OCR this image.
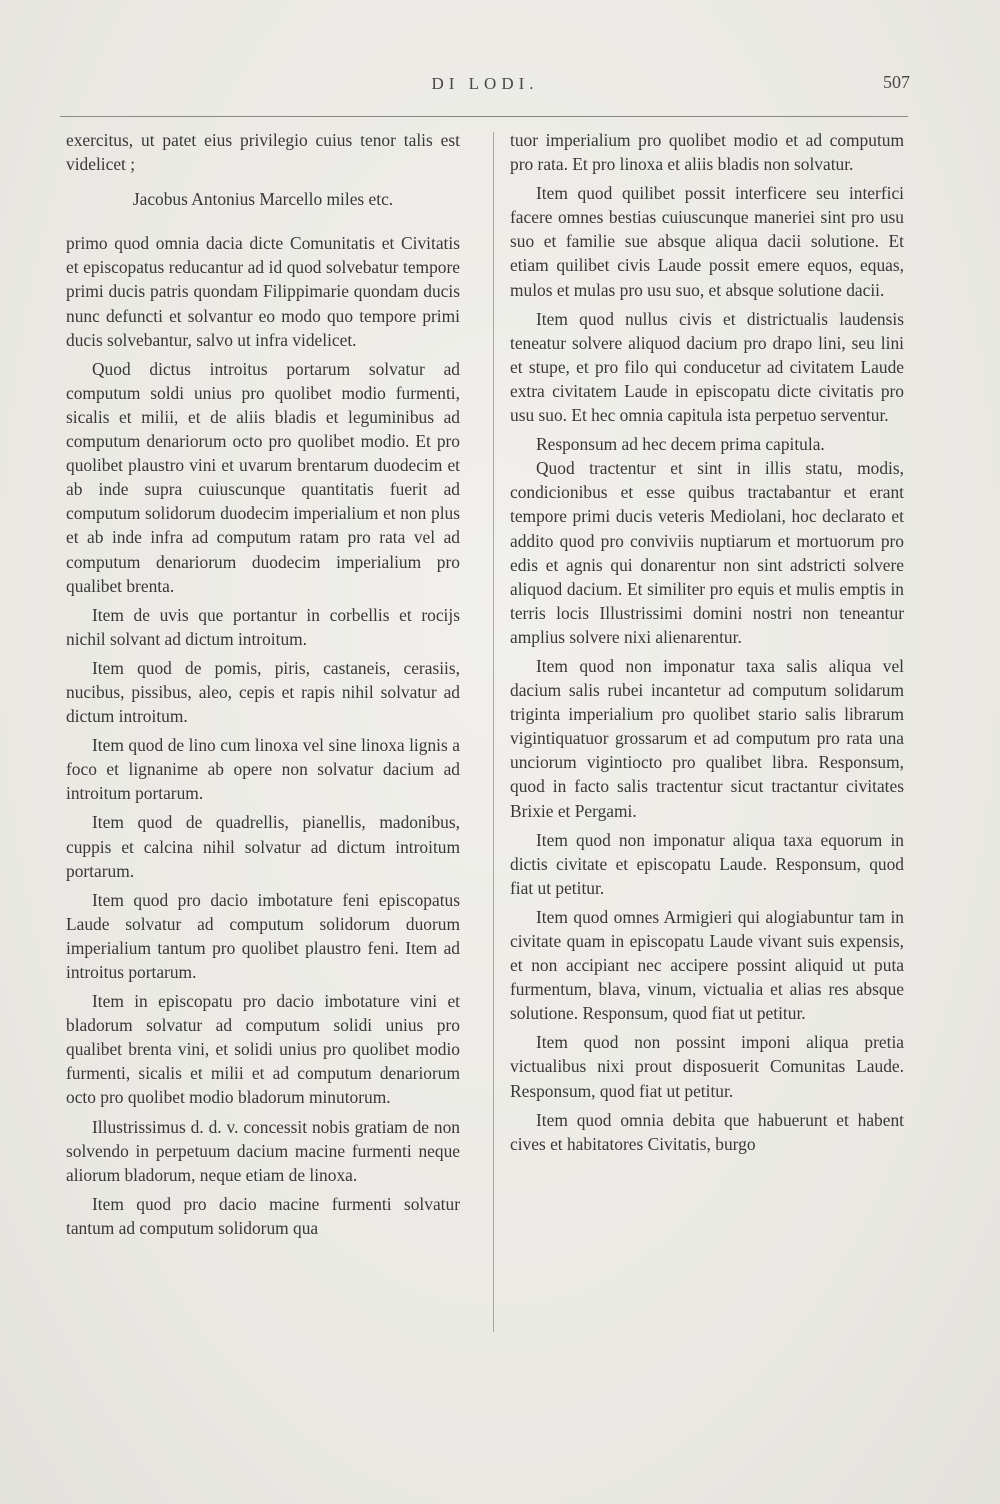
DI LODI.	507

exercitus, ut patet eius privilegio cuius tenor talis est videlicet ;

Jacobus Antonius Marcello miles etc.

primo quod omnia dacia dicte Comunitatis et Civitatis et episcopatus reducantur ad id quod solvebatur tempore primi ducis patris quondam Filippimarie quondam ducis nunc defuncti et solvantur eo modo quo tempore primi ducis solvebantur, salvo ut infra videlicet.

Quod dictus introitus portarum solvatur ad computum soldi unius pro quolibet modio furmenti, sicalis et milii, et de aliis bladis et leguminibus ad computum denariorum octo pro quolibet modio. Et pro quolibet plaustro vini et uvarum brentarum duodecim et ab inde supra cuiuscunque quantitatis fuerit ad computum solidorum duodecim imperialium et non plus et ab inde infra ad computum ratam pro rata vel ad computum denariorum duodecim imperialium pro qualibet brenta.

Item de uvis que portantur in corbellis et rocijs nichil solvant ad dictum introitum.

Item quod de pomis, piris, castaneis, cerasiis, nucibus, pissibus, aleo, cepis et rapis nihil solvatur ad dictum introitum.

Item quod de lino cum linoxa vel sine linoxa lignis a foco et lignanime ab opere non solvatur dacium ad introitum portarum.

Item quod de quadrellis, pianellis, madonibus, cuppis et calcina nihil solvatur ad dictum introitum portarum.

Item quod pro dacio imbotature feni episcopatus Laude solvatur ad computum solidorum duorum imperialium tantum pro quolibet plaustro feni. Item ad introitus portarum.

Item in episcopatu pro dacio imbotature vini et bladorum solvatur ad computum solidi unius pro qualibet brenta vini, et solidi unius pro quolibet modio furmenti, sicalis et milii et ad computum denariorum octo pro quolibet modio bladorum minutorum.

Illustrissimus d. d. v. concessit nobis gratiam de non solvendo in perpetuum dacium macine furmenti neque aliorum bladorum, neque etiam de linoxa.

Item quod pro dacio macine furmenti solvatur tantum ad computum solidorum qua

tuor imperialium pro quolibet modio et ad computum pro rata. Et pro linoxa et aliis bladis non solvatur.

Item quod quilibet possit interficere seu interfici facere omnes bestias cuiuscunque maneriei sint pro usu suo et familie sue absque aliqua dacii solutione. Et etiam quilibet civis Laude possit emere equos, equas, mulos et mulas pro usu suo, et absque solutione dacii.

Item quod nullus civis et districtualis laudensis teneatur solvere aliquod dacium pro drapo lini, seu lini et stupe, et pro filo qui conducetur ad civitatem Laude extra civitatem Laude in episcopatu dicte civitatis pro usu suo. Et hec omnia capitula ista perpetuo serventur.

Responsum ad hec decem prima capitula.

Quod tractentur et sint in illis statu, modis, condicionibus et esse quibus tractabantur et erant tempore primi ducis veteris Mediolani, hoc declarato et addito quod pro conviviis nuptiarum et mortuorum pro edis et agnis qui donarentur non sint adstricti solvere aliquod dacium. Et similiter pro equis et mulis emptis in terris locis Illustrissimi domini nostri non teneantur amplius solvere nixi alienarentur.

Item quod non imponatur taxa salis aliqua vel dacium salis rubei incantetur ad computum solidarum triginta imperialium pro quolibet stario salis librarum vigintiquatuor grossarum et ad computum pro rata una unciorum vigintiocto pro qualibet libra. Responsum, quod in facto salis tractentur sicut tractantur civitates Brixie et Pergami.

Item quod non imponatur aliqua taxa equorum in dictis civitate et episcopatu Laude. Responsum, quod fiat ut petitur.

Item quod omnes Armigieri qui alogiabuntur tam in civitate quam in episcopatu Laude vivant suis expensis, et non accipiant nec accipere possint aliquid ut puta furmentum, blava, vinum, victualia et alias res absque solutione. Responsum, quod fiat ut petitur.

Item quod non possint imponi aliqua pretia victualibus nixi prout disposuerit Comunitas Laude. Responsum, quod fiat ut petitur.

Item quod omnia debita que habuerunt et habent cives et habitatores Civitatis, burgo
